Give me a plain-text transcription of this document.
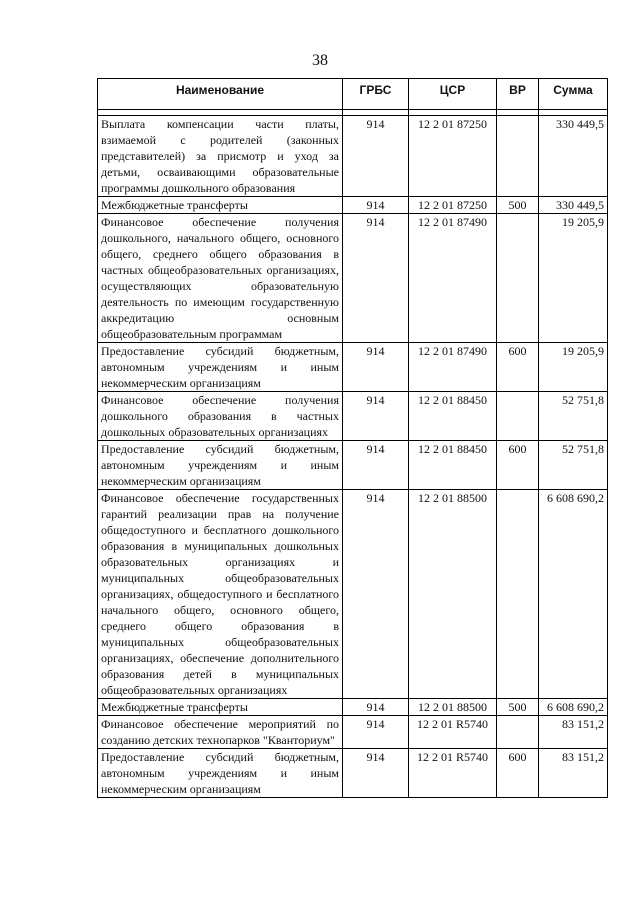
38
Наименование	ГРБС	ЦСР	ВР	Сумма

Выплата компенсации части платы, взимаемой с родителей (законных представителей) за присмотр и уход за детьми, осваивающими образовательные программы дошкольного образования	914	12 2 01 87250		330 449,5
Межбюджетные трансферты	914	12 2 01 87250	500	330 449,5
Финансовое обеспечение получения дошкольного, начального общего, основного общего, среднего общего образования в частных общеобразовательных организациях, осуществляющих образовательную деятельность по имеющим государственную аккредитацию основным общеобразовательным программам	914	12 2 01 87490		19 205,9
Предоставление субсидий бюджетным, автономным учреждениям и иным некоммерческим организациям	914	12 2 01 87490	600	19 205,9
Финансовое обеспечение получения дошкольного образования в частных дошкольных образовательных организациях	914	12 2 01 88450		52 751,8
Предоставление субсидий бюджетным, автономным учреждениям и иным некоммерческим организациям	914	12 2 01 88450	600	52 751,8
Финансовое обеспечение государственных гарантий реализации прав на получение общедоступного и бесплатного дошкольного образования в муниципальных дошкольных образовательных организациях и муниципальных общеобразовательных организациях, общедоступного и бесплатного начального общего, основного общего, среднего общего образования в муниципальных общеобразовательных организациях, обеспечение дополнительного образования детей в муниципальных общеобразовательных организациях	914	12 2 01 88500		6 608 690,2
Межбюджетные трансферты	914	12 2 01 88500	500	6 608 690,2
Финансовое обеспечение мероприятий по созданию детских технопарков "Кванториум"	914	12 2 01 R5740		83 151,2
Предоставление субсидий бюджетным, автономным учреждениям и иным некоммерческим организациям	914	12 2 01 R5740	600	83 151,2
